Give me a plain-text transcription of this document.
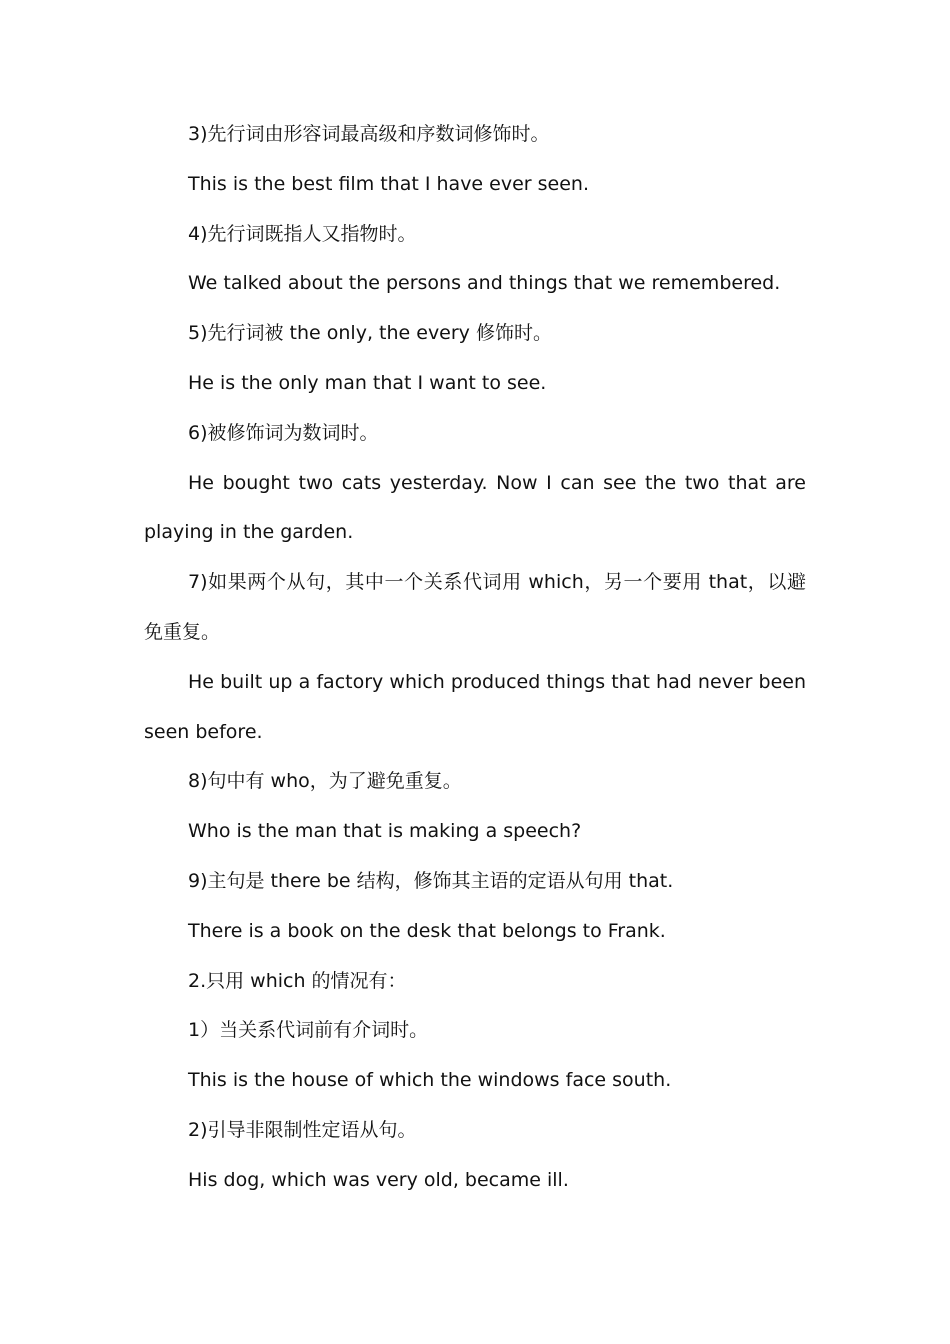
3)先行词由形容词最高级和序数词修饰时。

This is the best film that I have ever seen.

4)先行词既指人又指物时。

We talked about the persons and things that we remembered.

5)先行词被 the only, the every 修饰时。

He is the only man that I want to see.

6)被修饰词为数词时。

He bought two cats yesterday. Now I can see the two that are playing in the garden.

7)如果两个从句，其中一个关系代词用 which，另一个要用 that，以避免重复。

He built up a factory which produced things that had never been seen before.

8)句中有 who，为了避免重复。

Who is the man that is making a speech?

9)主句是 there be 结构，修饰其主语的定语从句用 that.

There is a book on the desk that belongs to Frank.

2.只用 which 的情况有：

1）当关系代词前有介词时。

This is the house of which the windows face south.

2)引导非限制性定语从句。

His dog, which was very old, became ill.
